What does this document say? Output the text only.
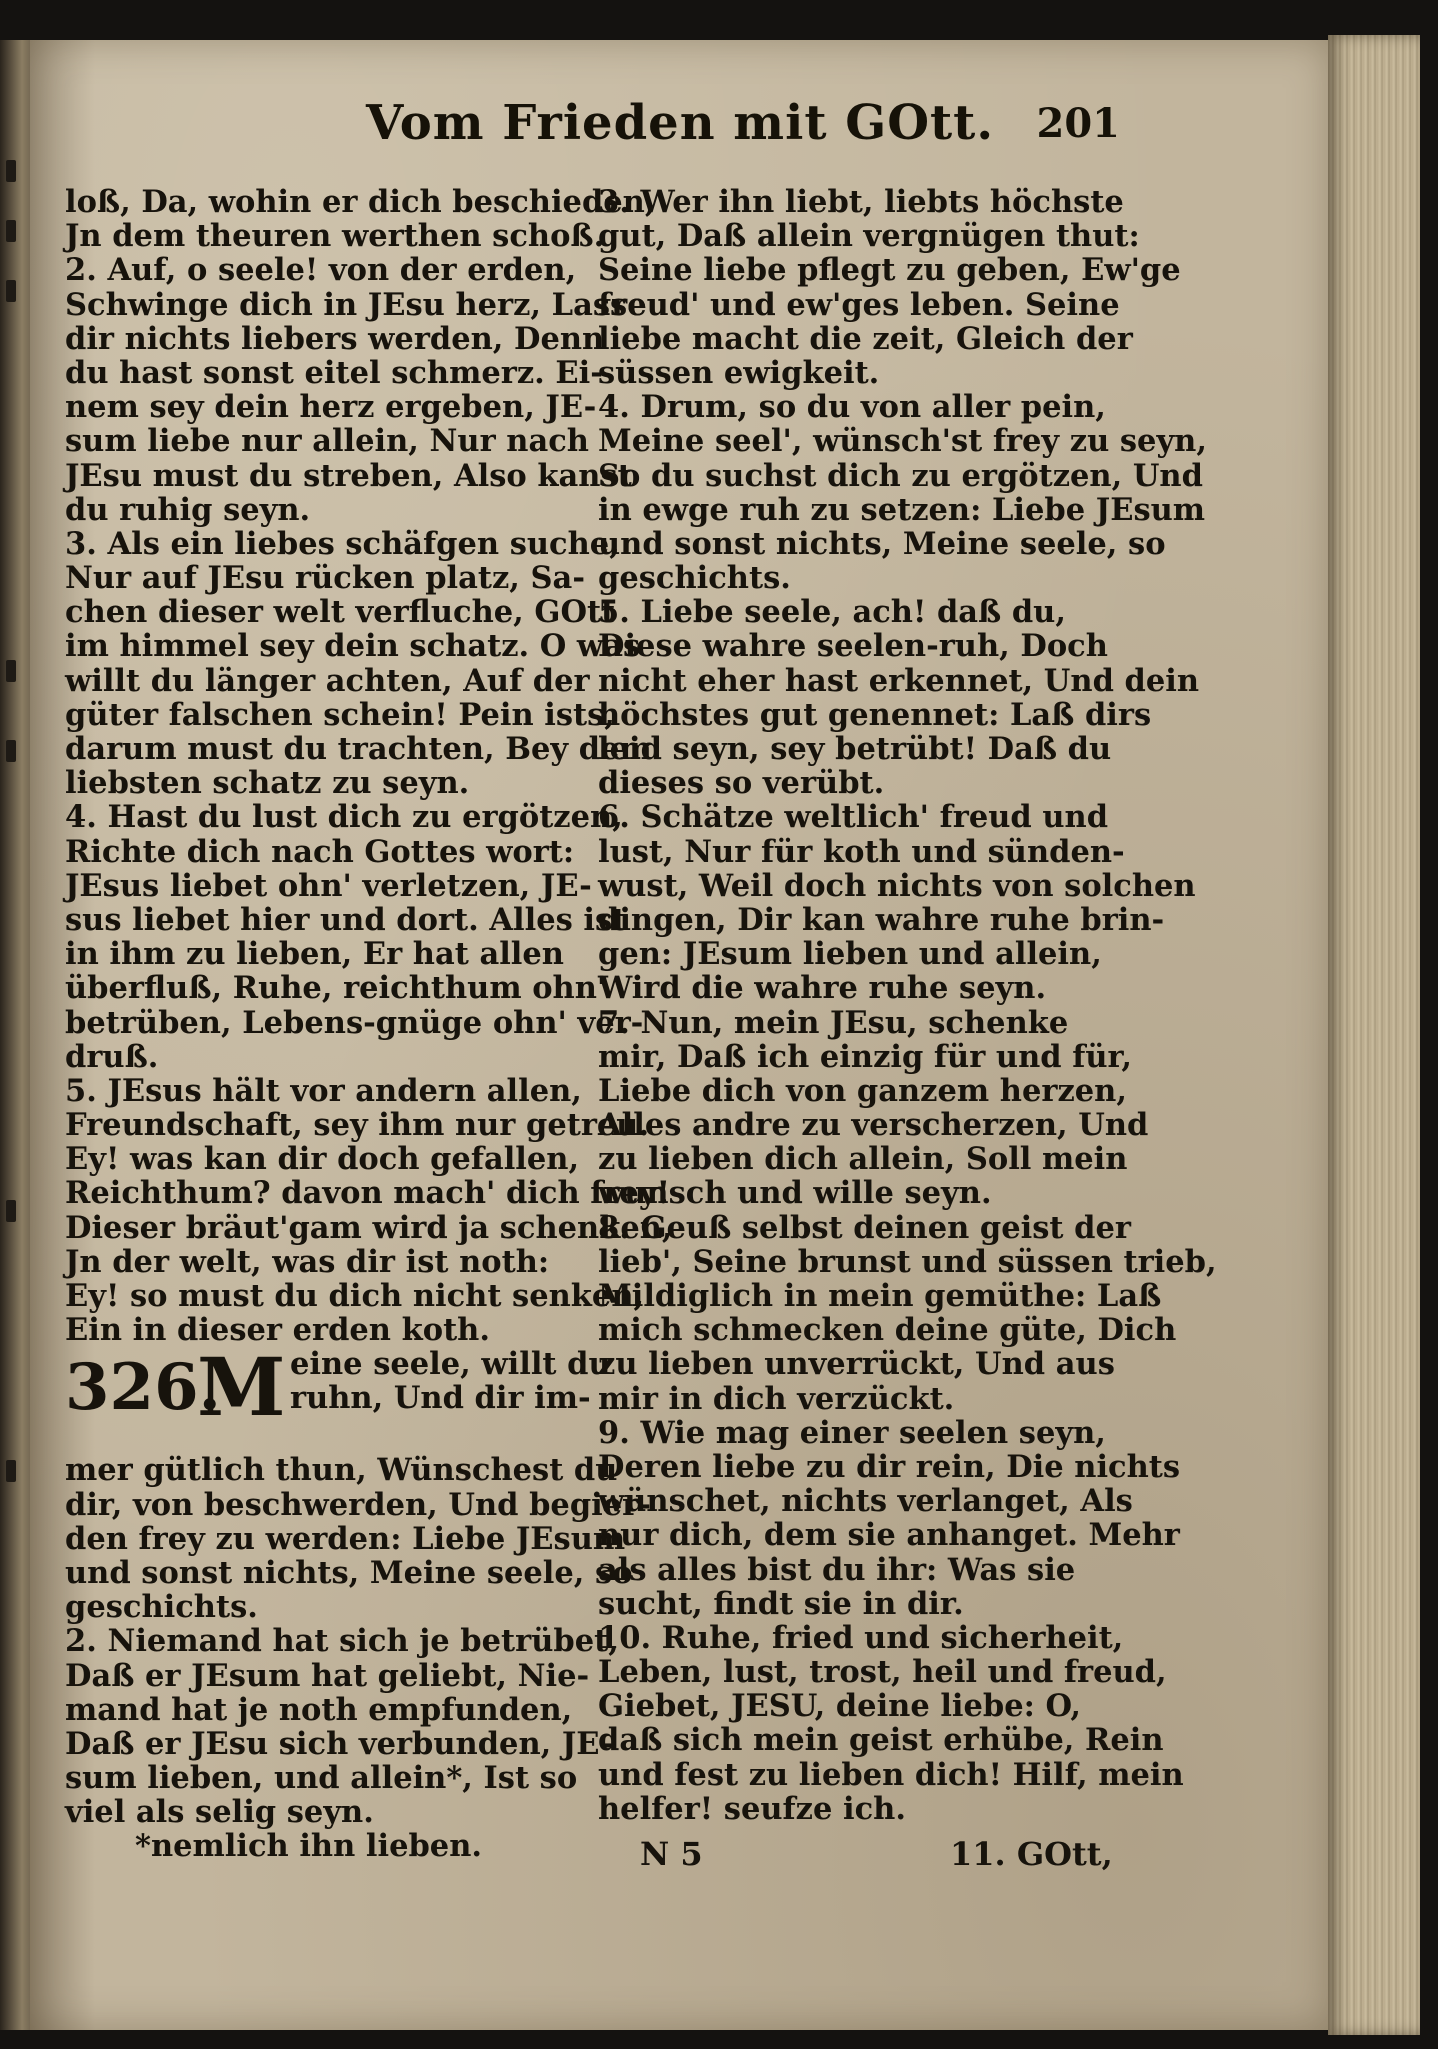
Vom Frieden mit GOtt.	201
loß, Da, wohin er dich beschieden,
Jn dem theuren werthen schoß.
2. Auf, o seele! von der erden,
Schwinge dich in JEsu herz, Lasse
dir nichts liebers werden, Denn
du hast sonst eitel schmerz. Ei-
nem sey dein herz ergeben, JE-
sum liebe nur allein, Nur nach
JEsu must du streben, Also kanst
du ruhig seyn.
3. Als ein liebes schäfgen suche,
Nur auf JEsu rücken platz, Sa-
chen dieser welt verfluche, GOtt
im himmel sey dein schatz. O was
willt du länger achten, Auf der
güter falschen schein! Pein ists,
darum must du trachten, Bey dem
liebsten schatz zu seyn.
4. Hast du lust dich zu ergötzen,
Richte dich nach Gottes wort:
JEsus liebet ohn' verletzen, JE-
sus liebet hier und dort. Alles ist
in ihm zu lieben, Er hat allen
überfluß, Ruhe, reichthum ohn'
betrüben, Lebens-gnüge ohn' ver-
druß.
5. JEsus hält vor andern allen,
Freundschaft, sey ihm nur getreu.
Ey! was kan dir doch gefallen,
Reichthum? davon mach' dich frey!
Dieser bräut'gam wird ja schenken,
Jn der welt, was dir ist noth:
Ey! so must du dich nicht senken,
Ein in dieser erden koth.
326.
M eine seele, willt du
ruhn, Und dir im-
mer gütlich thun, Wünschest du
dir, von beschwerden, Und begier-
den frey zu werden: Liebe JEsum
und sonst nichts, Meine seele, so
geschichts.
2. Niemand hat sich je betrübet,
Daß er JEsum hat geliebt, Nie-
mand hat je noth empfunden,
Daß er JEsu sich verbunden, JE-
sum lieben, und allein*, Ist so
viel als selig seyn.
*nemlich ihn lieben.
3. Wer ihn liebt, liebts höchste
gut, Daß allein vergnügen thut:
Seine liebe pflegt zu geben, Ew'ge
freud' und ew'ges leben. Seine
liebe macht die zeit, Gleich der
süssen ewigkeit.
4. Drum, so du von aller pein,
Meine seel', wünsch'st frey zu seyn,
So du suchst dich zu ergötzen, Und
in ewge ruh zu setzen: Liebe JEsum
und sonst nichts, Meine seele, so
geschichts.
5. Liebe seele, ach! daß du,
Diese wahre seelen-ruh, Doch
nicht eher hast erkennet, Und dein
höchstes gut genennet: Laß dirs
leid seyn, sey betrübt! Daß du
dieses so verübt.
6. Schätze weltlich' freud und
lust, Nur für koth und sünden-
wust, Weil doch nichts von solchen
dingen, Dir kan wahre ruhe brin-
gen: JEsum lieben und allein,
Wird die wahre ruhe seyn.
7. Nun, mein JEsu, schenke
mir, Daß ich einzig für und für,
Liebe dich von ganzem herzen,
Alles andre zu verscherzen, Und
zu lieben dich allein, Soll mein
wunsch und wille seyn.
8. Geuß selbst deinen geist der
lieb', Seine brunst und süssen trieb,
Mildiglich in mein gemüthe: Laß
mich schmecken deine güte, Dich
zu lieben unverrückt, Und aus
mir in dich verzückt.
9. Wie mag einer seelen seyn,
Deren liebe zu dir rein, Die nichts
wünschet, nichts verlanget, Als
nur dich, dem sie anhanget. Mehr
als alles bist du ihr: Was sie
sucht, findt sie in dir.
10. Ruhe, fried und sicherheit,
Leben, lust, trost, heil und freud,
Giebet, JESU, deine liebe: O,
daß sich mein geist erhübe, Rein
und fest zu lieben dich! Hilf, mein
helfer! seufze ich.
N 5	11. GOtt,
